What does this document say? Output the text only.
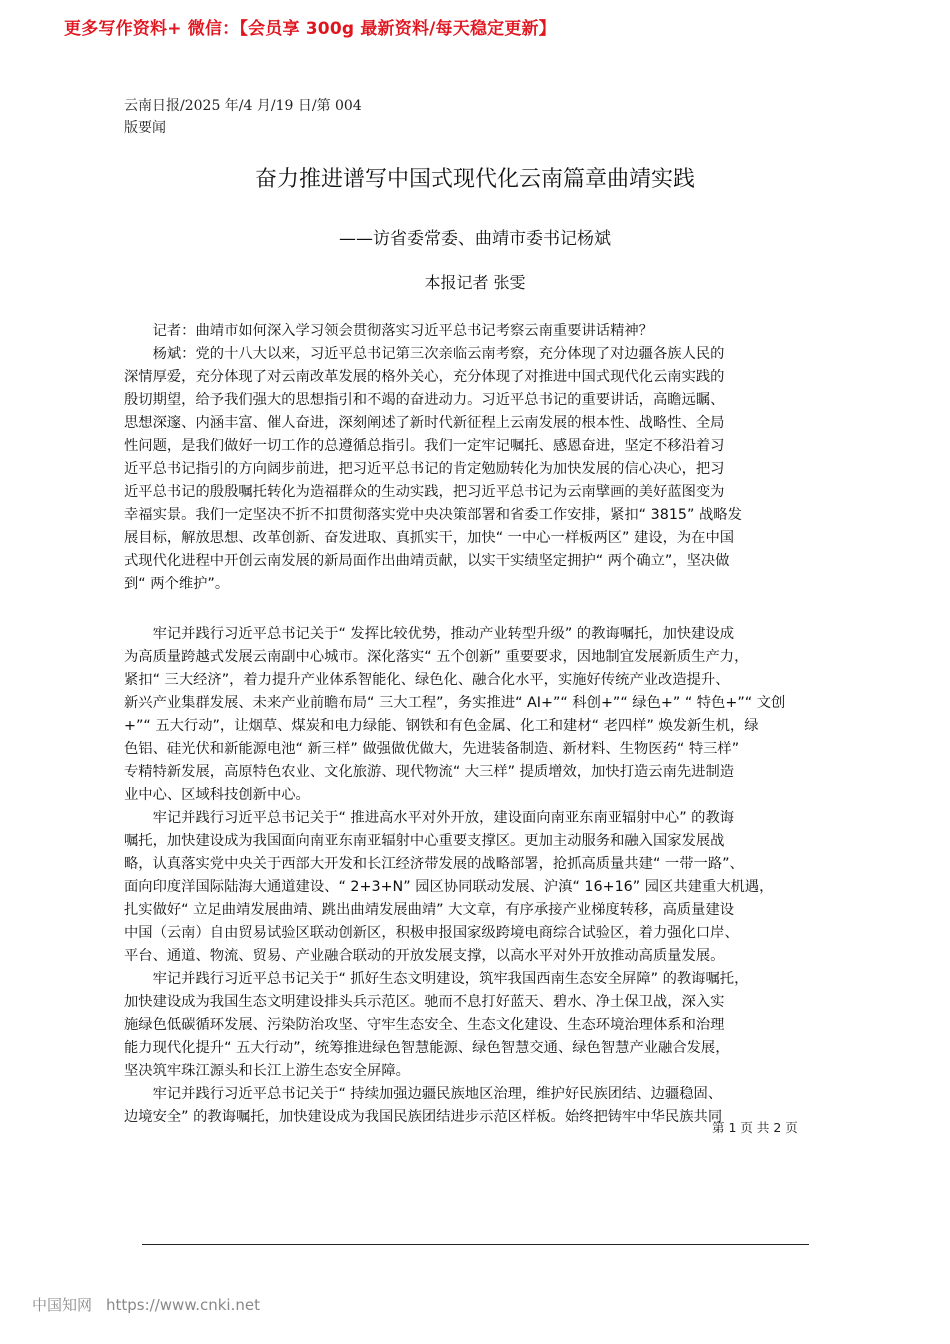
更多写作资料+ 微信：【会员享 300g 最新资料/每天稳定更新】
云南日报/2025 年/4 月/19 日/第 004
版要闻
奋力推进谱写中国式现代化云南篇章曲靖实践
——访省委常委、曲靖市委书记杨斌
本报记者 张雯
　　记者：曲靖市如何深入学习领会贯彻落实习近平总书记考察云南重要讲话精神？
　　杨斌：党的十八大以来，习近平总书记第三次亲临云南考察，充分体现了对边疆各族人民的
深情厚爱，充分体现了对云南改革发展的格外关心，充分体现了对推进中国式现代化云南实践的
殷切期望，给予我们强大的思想指引和不竭的奋进动力。习近平总书记的重要讲话，高瞻远瞩、
思想深邃、内涵丰富、催人奋进，深刻阐述了新时代新征程上云南发展的根本性、战略性、全局
性问题，是我们做好一切工作的总遵循总指引。我们一定牢记嘱托、感恩奋进，坚定不移沿着习
近平总书记指引的方向阔步前进，把习近平总书记的肯定勉励转化为加快发展的信心决心，把习
近平总书记的殷殷嘱托转化为造福群众的生动实践，把习近平总书记为云南擘画的美好蓝图变为
幸福实景。我们一定坚决不折不扣贯彻落实党中央决策部署和省委工作安排，紧扣“ 3815” 战略发
展目标，解放思想、改革创新、奋发进取、真抓实干，加快“ 一中心一样板两区” 建设，为在中国
式现代化进程中开创云南发展的新局面作出曲靖贡献，以实干实绩坚定拥护“ 两个确立”，坚决做
到“ 两个维护”。
　　牢记并践行习近平总书记关于“ 发挥比较优势，推动产业转型升级” 的教诲嘱托，加快建设成
为高质量跨越式发展云南副中心城市。深化落实“ 五个创新” 重要要求，因地制宜发展新质生产力，
紧扣“ 三大经济”，着力提升产业体系智能化、绿色化、融合化水平，实施好传统产业改造提升、
新兴产业集群发展、未来产业前瞻布局“ 三大工程”，务实推进“ AI+”“ 科创+”“ 绿色+” “ 特色+”“ 文创
+”“ 五大行动”，让烟草、煤炭和电力绿能、钢铁和有色金属、化工和建材“ 老四样” 焕发新生机，绿
色铝、硅光伏和新能源电池“ 新三样” 做强做优做大，先进装备制造、新材料、生物医药“ 特三样”
专精特新发展，高原特色农业、文化旅游、现代物流“ 大三样” 提质增效，加快打造云南先进制造
业中心、区域科技创新中心。
　　牢记并践行习近平总书记关于“ 推进高水平对外开放，建设面向南亚东南亚辐射中心” 的教诲
嘱托，加快建设成为我国面向南亚东南亚辐射中心重要支撑区。更加主动服务和融入国家发展战
略，认真落实党中央关于西部大开发和长江经济带发展的战略部署，抢抓高质量共建“ 一带一路”、
面向印度洋国际陆海大通道建设、“ 2+3+N” 园区协同联动发展、沪滇“ 16+16” 园区共建重大机遇，
扎实做好“ 立足曲靖发展曲靖、跳出曲靖发展曲靖” 大文章，有序承接产业梯度转移，高质量建设
中国（云南）自由贸易试验区联动创新区，积极申报国家级跨境电商综合试验区，着力强化口岸、
平台、通道、物流、贸易、产业融合联动的开放发展支撑，以高水平对外开放推动高质量发展。
　　牢记并践行习近平总书记关于“ 抓好生态文明建设，筑牢我国西南生态安全屏障” 的教诲嘱托，
加快建设成为我国生态文明建设排头兵示范区。驰而不息打好蓝天、碧水、净土保卫战，深入实
施绿色低碳循环发展、污染防治攻坚、守牢生态安全、生态文化建设、生态环境治理体系和治理
能力现代化提升“ 五大行动”，统筹推进绿色智慧能源、绿色智慧交通、绿色智慧产业融合发展，
坚决筑牢珠江源头和长江上游生态安全屏障。
　　牢记并践行习近平总书记关于“ 持续加强边疆民族地区治理，维护好民族团结、边疆稳固、
边境安全” 的教诲嘱托，加快建设成为我国民族团结进步示范区样板。始终把铸牢中华民族共同
第 1 页 共 2 页
中国知网 https://www.cnki.net
